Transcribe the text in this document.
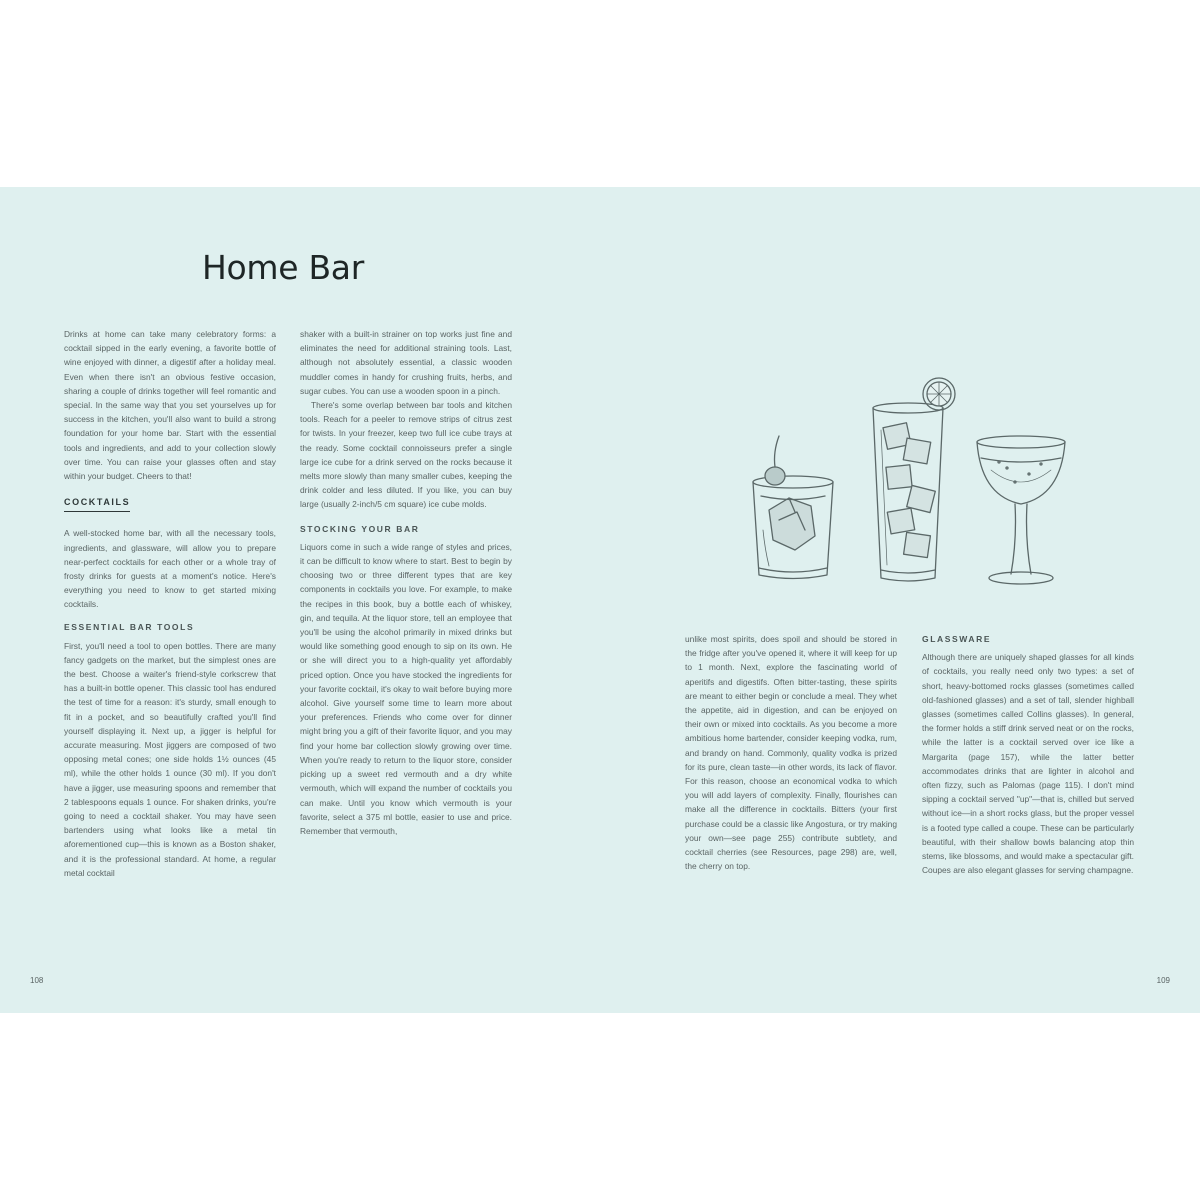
Home Bar

Drinks at home can take many celebratory forms: a cocktail sipped in the early evening, a favorite bottle of wine enjoyed with dinner, a digestif after a holiday meal. Even when there isn't an obvious festive occasion, sharing a couple of drinks together will feel romantic and special. In the same way that you set yourselves up for success in the kitchen, you'll also want to build a strong foundation for your home bar. Start with the essential tools and ingredients, and add to your collection slowly over time. You can raise your glasses often and stay within your budget. Cheers to that!

COCKTAILS

A well-stocked home bar, with all the necessary tools, ingredients, and glassware, will allow you to prepare near-perfect cocktails for each other or a whole tray of frosty drinks for guests at a moment's notice. Here's everything you need to know to get started mixing cocktails.

ESSENTIAL BAR TOOLS

First, you'll need a tool to open bottles. There are many fancy gadgets on the market, but the simplest ones are the best. Choose a waiter's friend-style corkscrew that has a built-in bottle opener. This classic tool has endured the test of time for a reason: it's sturdy, small enough to fit in a pocket, and so beautifully crafted you'll find yourself displaying it. Next up, a jigger is helpful for accurate measuring. Most jiggers are composed of two opposing metal cones; one side holds 1½ ounces (45 ml), while the other holds 1 ounce (30 ml). If you don't have a jigger, use measuring spoons and remember that 2 tablespoons equals 1 ounce. For shaken drinks, you're going to need a cocktail shaker. You may have seen bartenders using what looks like a metal tin aforementioned cup—this is known as a Boston shaker, and it is the professional standard. At home, a regular metal cocktail

shaker with a built-in strainer on top works just fine and eliminates the need for additional straining tools. Last, although not absolutely essential, a classic wooden muddler comes in handy for crushing fruits, herbs, and sugar cubes. You can use a wooden spoon in a pinch.

There's some overlap between bar tools and kitchen tools. Reach for a peeler to remove strips of citrus zest for twists. In your freezer, keep two full ice cube trays at the ready. Some cocktail connoisseurs prefer a single large ice cube for a drink served on the rocks because it melts more slowly than many smaller cubes, keeping the drink colder and less diluted. If you like, you can buy large (usually 2-inch/5 cm square) ice cube molds.

STOCKING YOUR BAR

Liquors come in such a wide range of styles and prices, it can be difficult to know where to start. Best to begin by choosing two or three different types that are key components in cocktails you love. For example, to make the recipes in this book, buy a bottle each of whiskey, gin, and tequila. At the liquor store, tell an employee that you'll be using the alcohol primarily in mixed drinks but would like something good enough to sip on its own. He or she will direct you to a high-quality yet affordably priced option. Once you have stocked the ingredients for your favorite cocktail, it's okay to wait before buying more alcohol. Give yourself some time to learn more about your preferences. Friends who come over for dinner might bring you a gift of their favorite liquor, and you may find your home bar collection slowly growing over time. When you're ready to return to the liquor store, consider picking up a sweet red vermouth and a dry white vermouth, which will expand the number of cocktails you can make. Until you know which vermouth is your favorite, select a 375 ml bottle, easier to use and price. Remember that vermouth,

unlike most spirits, does spoil and should be stored in the fridge after you've opened it, where it will keep for up to 1 month. Next, explore the fascinating world of aperitifs and digestifs. Often bitter-tasting, these spirits are meant to either begin or conclude a meal. They whet the appetite, aid in digestion, and can be enjoyed on their own or mixed into cocktails. As you become a more ambitious home bartender, consider keeping vodka, rum, and brandy on hand. Commonly, quality vodka is prized for its pure, clean taste—in other words, its lack of flavor. For this reason, choose an economical vodka to which you will add layers of complexity. Finally, flourishes can make all the difference in cocktails. Bitters (your first purchase could be a classic like Angostura, or try making your own—see page 255) contribute subtlety, and cocktail cherries (see Resources, page 298) are, well, the cherry on top.

GLASSWARE

Although there are uniquely shaped glasses for all kinds of cocktails, you really need only two types: a set of short, heavy-bottomed rocks glasses (sometimes called old-fashioned glasses) and a set of tall, slender highball glasses (sometimes called Collins glasses). In general, the former holds a stiff drink served neat or on the rocks, while the latter is a cocktail served over ice like a Margarita (page 157), while the latter better accommodates drinks that are lighter in alcohol and often fizzy, such as Palomas (page 115). I don't mind sipping a cocktail served "up"—that is, chilled but served without ice—in a short rocks glass, but the proper vessel is a footed type called a coupe. These can be particularly beautiful, with their shallow bowls balancing atop thin stems, like blossoms, and would make a spectacular gift. Coupes are also elegant glasses for serving champagne.

108	109
